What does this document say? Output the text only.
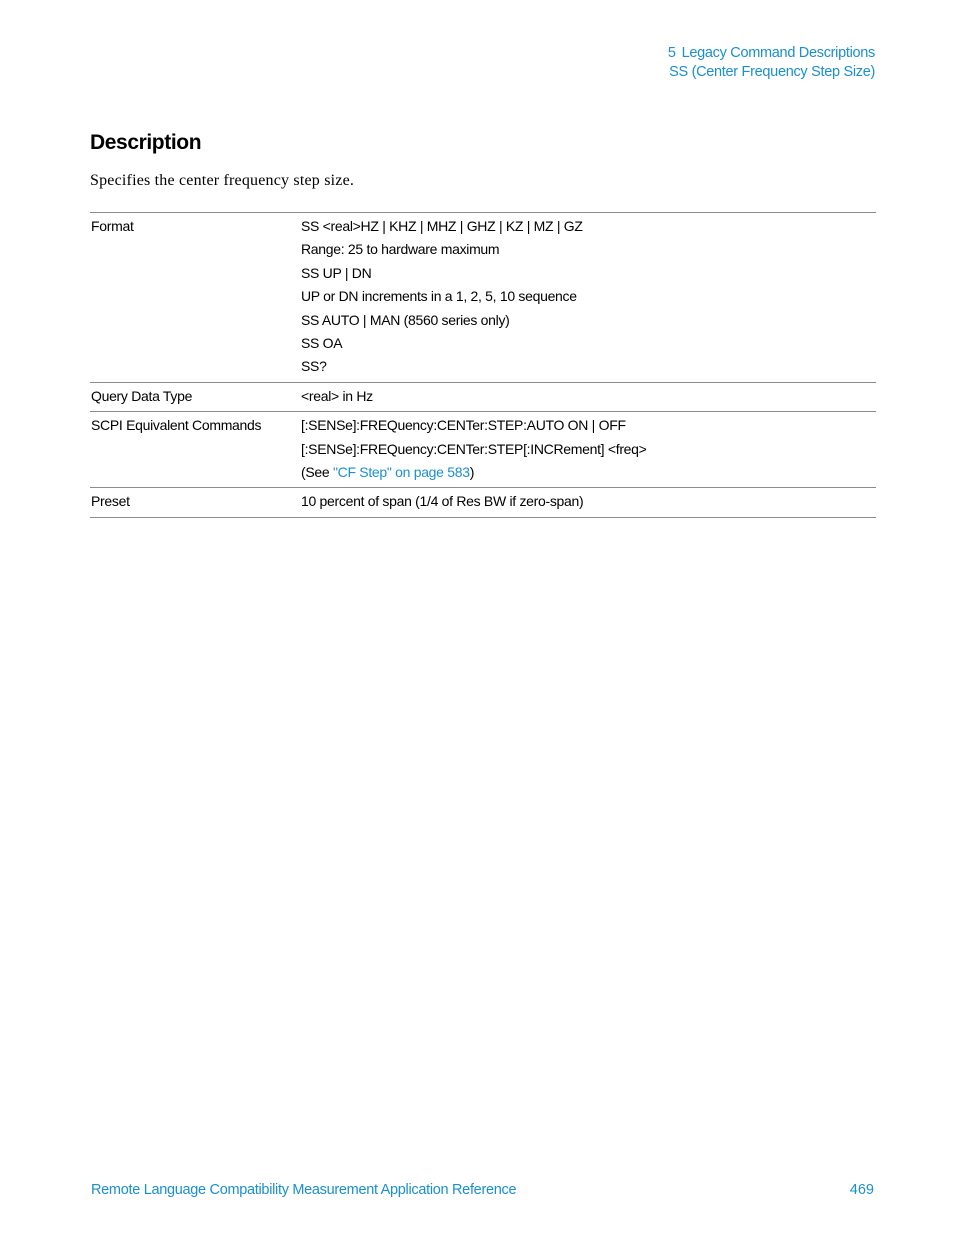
5 Legacy Command Descriptions
SS (Center Frequency Step Size)
Description

Specifies the center frequency step size.

Format	SS <real>HZ | KHZ | MHZ | GHZ | KZ | MZ | GZ
Range: 25 to hardware maximum
SS UP | DN
UP or DN increments in a 1, 2, 5, 10 sequence
SS AUTO | MAN (8560 series only)
SS OA
SS?
Query Data Type	<real> in Hz
SCPI Equivalent Commands	[:SENSe]:FREQuency:CENTer:STEP:AUTO ON | OFF
[:SENSe]:FREQuency:CENTer:STEP[:INCRement] <freq>
(See "CF Step" on page 583)
Preset	10 percent of span (1/4 of Res BW if zero-span)
Remote Language Compatibility Measurement Application Reference	469
